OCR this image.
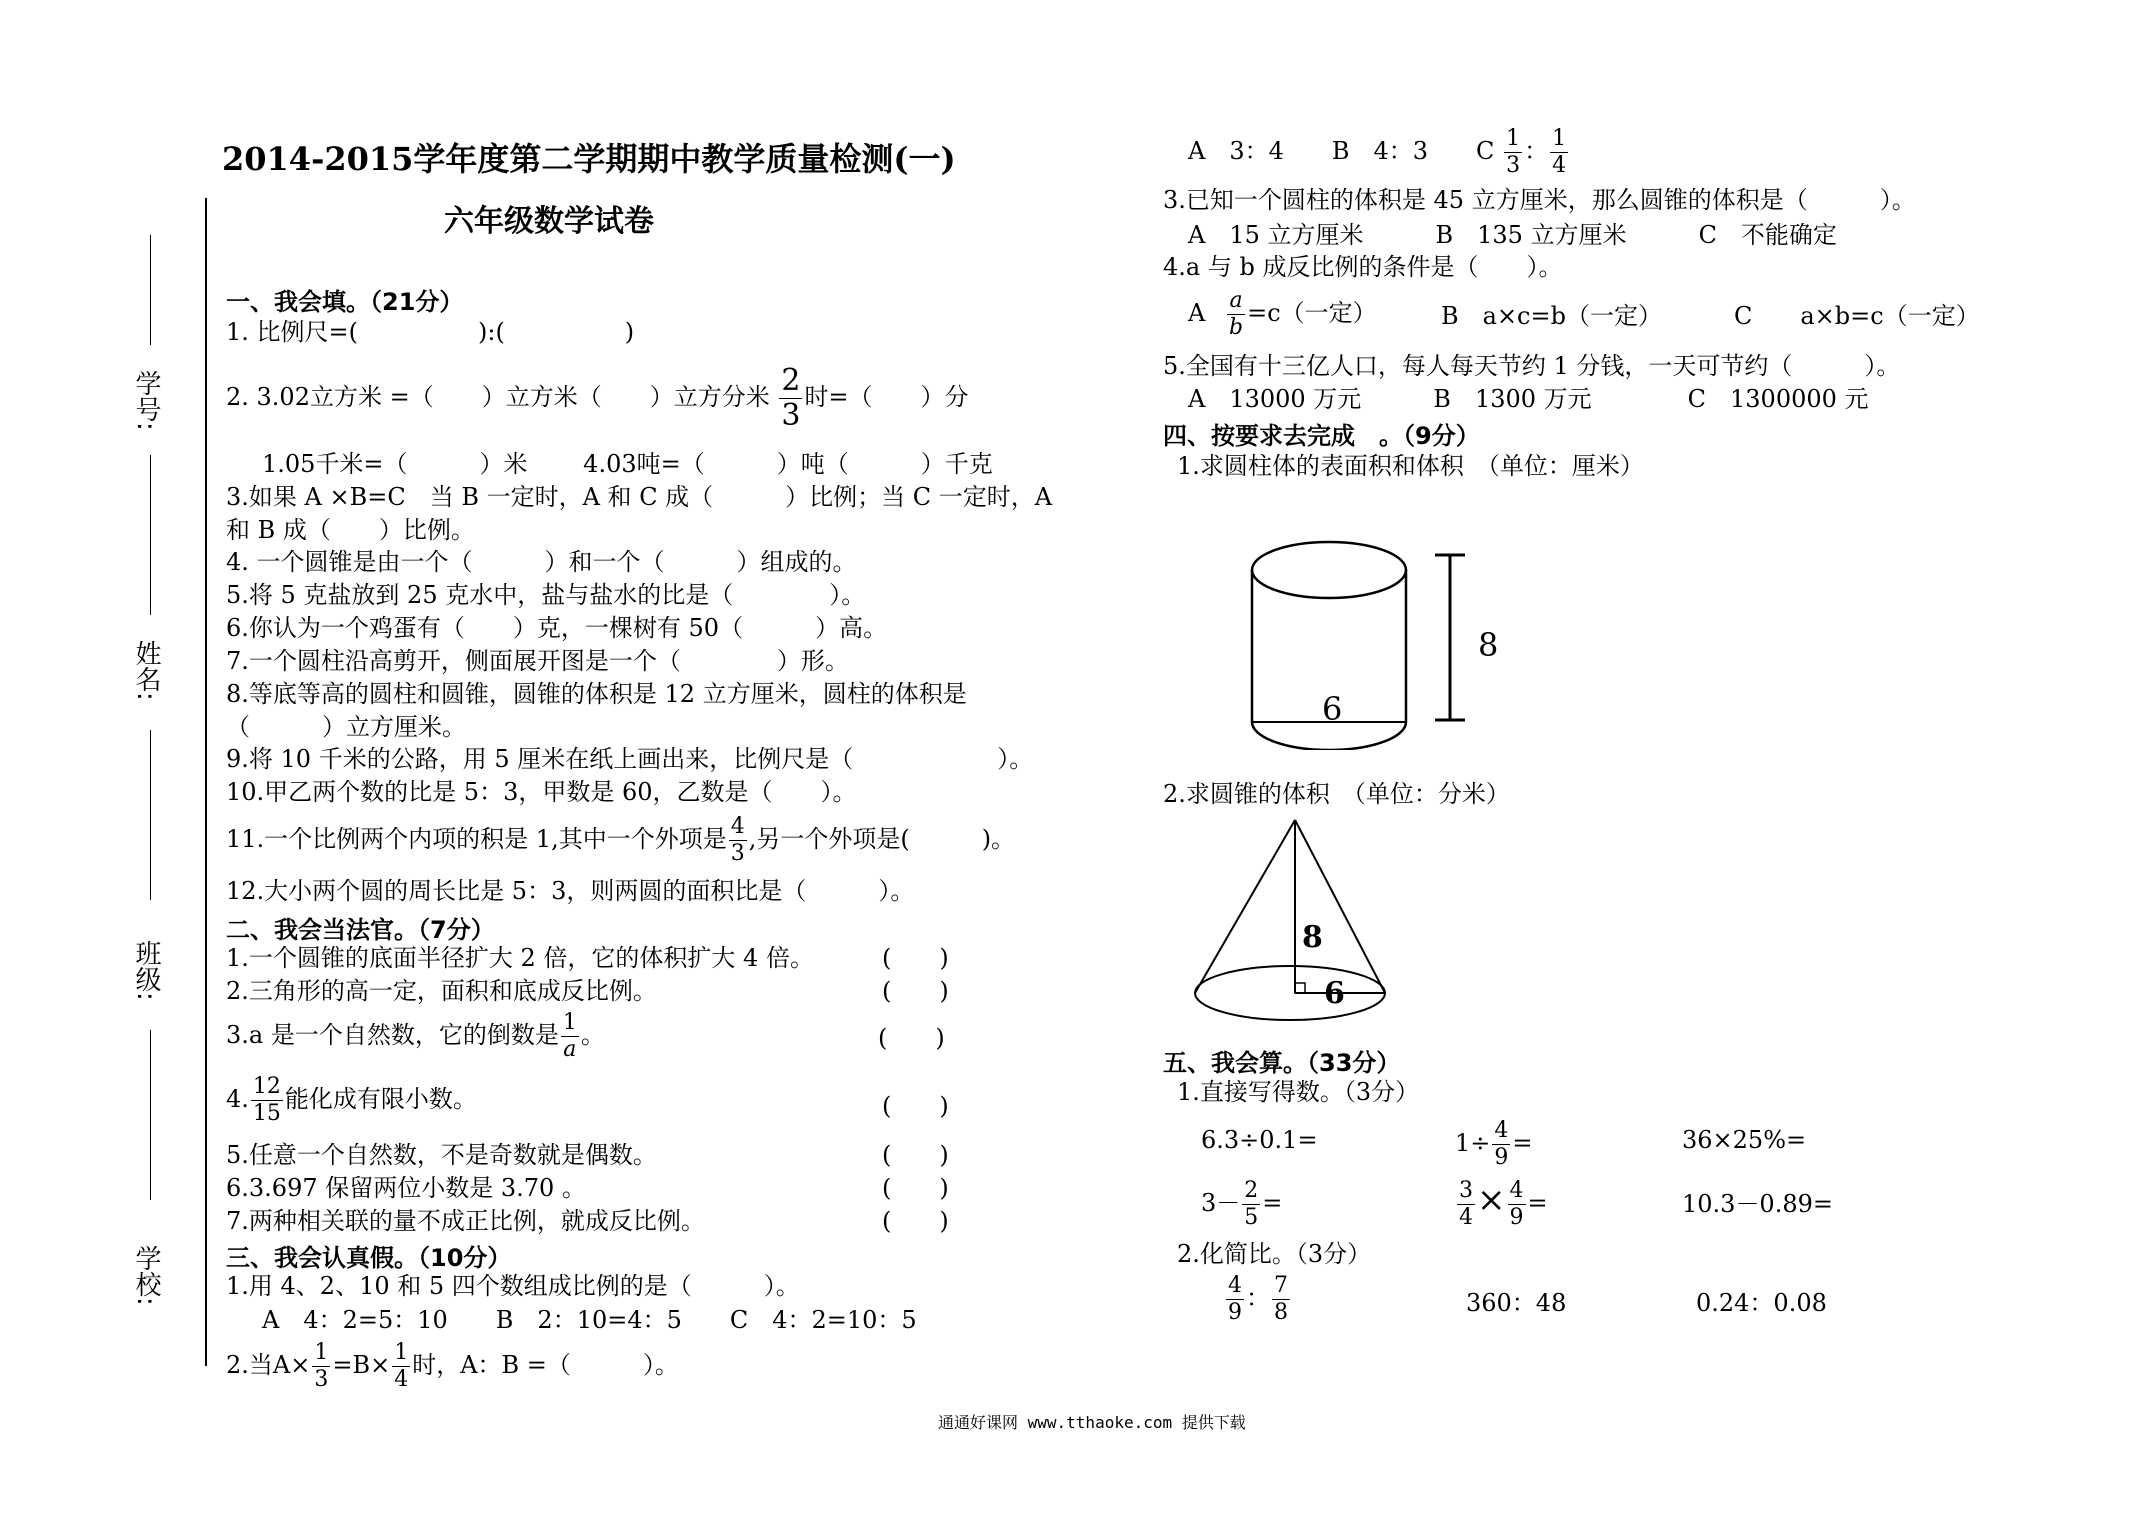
学号:
姓名:
班级:
学校:
2014-2015学年度第二学期期中教学质量检测(一)
六年级数学试卷
一、我会填。（21分）
1. 比例尺=(　　　　　):(　　　　　)
2. 3.02立方米 =（　　）立方米（　　）立方分米 $\frac{2}{3}$ 时=（　　）分
1.05千米=（　　　）米　　 4.03吨=（　　　）吨（　　　）千克
3.如果 A ×B=C　当 B 一定时，A 和 C 成（　　　）比例；当 C 一定时，A
和 B 成（　　）比例。
4. 一个圆锥是由一个（　　　）和一个（　　　）组成的。
5.将 5 克盐放到 25 克水中，盐与盐水的比是（　　　　）。
6.你认为一个鸡蛋有（　　）克，一棵树有 50（　　　）高。
7.一个圆柱沿高剪开，侧面展开图是一个（　　　　）形。
8.等底等高的圆柱和圆锥，圆锥的体积是 12 立方厘米，圆柱的体积是
（　　　）立方厘米。
9.将 10 千米的公路，用 5 厘米在纸上画出来，比例尺是（　　　　　　）。
10.甲乙两个数的比是 5：3，甲数是 60，乙数是（　　）。
11.一个比例两个内项的积是 1,其中一个外项是 $\frac{4}{3}$ ,另一个外项是(　　　)。
12.大小两个圆的周长比是 5：3，则两圆的面积比是（　　　）。
二、我会当法官。（7分）
1.一个圆锥的底面半径扩大 2 倍，它的体积扩大 4 倍。	(　　)
2.三角形的高一定，面积和底成反比例。	(　　)
3.a 是一个自然数，它的倒数是 $\frac{1}{a}$ 。	(　　)
4. $\frac{12}{15}$ 能化成有限小数。	(　　)
5.任意一个自然数，不是奇数就是偶数。	(　　)
6.3.697 保留两位小数是 3.70 。	(　　)
7.两种相关联的量不成正比例，就成反比例。	(　　)
三、我会认真假。（10分）
1.用 4、2、10 和 5 四个数组成比例的是（　　　）。
A　4：2=5：10　　B　2：10=4：5　　C　4：2=10：5
2.当$A\times \frac{1}{3} =B\times \frac{1}{4}$ 时，A：B =（　　　）。
A　3：4　　B　4：3　　C $\frac{1}{3}$ ： $\frac{1}{4}$
3.已知一个圆柱的体积是 45 立方厘米，那么圆锥的体积是（　　　）。
A　15 立方厘米　　　B　135 立方厘米　　　C　不能确定
4.a 与 b 成反比例的条件是（　　）。
A $\frac{a}{b} =c$（一定）	B　a×c=b（一定）	C　　a×b=c（一定）
5.全国有十三亿人口，每人每天节约 1 分钱，一天可节约（　　　）。
A　13000 万元　　　B　1300 万元　　　　C　1300000 元
四、按要求去完成　。（9分）
1.求圆柱体的表面积和体积　（单位：厘米）
8
6
2.求圆锥的体积　（单位：分米）
8
6
五、我会算。（33分）
1.直接写得数。（3分）
6.3÷0.1=	$1\div \frac{4}{9}$ =	36×25%=
$3- \frac{2}{5}$ =	$\frac{3}{4} \times \frac{4}{9}$ =	10.3－0.89=
2.化简比。（3分）
$\frac{4}{9}$ ： $\frac{7}{8}$	360：48	0.24：0.08
通通好课网 www.tthaoke.com 提供下载
